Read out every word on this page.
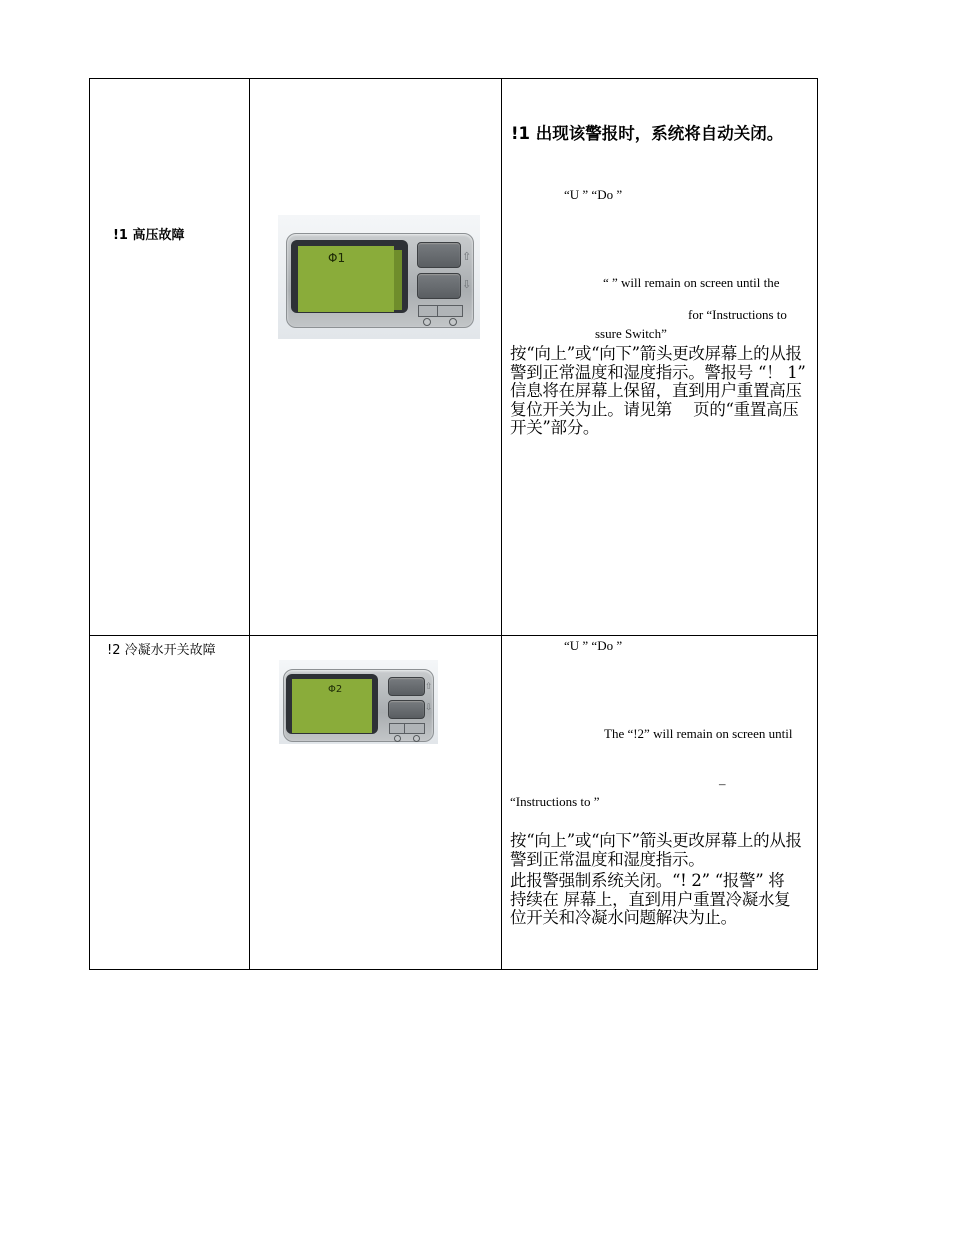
!1 高压故障
Φ1	⇧
⇩
!1 出现该警报时，系统将自动关闭。
“U ” “Do ”
“ ” will remain on screen until the
for “Instructions to
ssure Switch”
按“向上”或“向下”箭头更改屏幕上的从报警到正常温度和湿度指示。警报号 “！ 1” 信息将在屏幕上保留，直到用户重置高压复位开关为止。请见第　 页的“重置高压开关”部分。
!2 冷凝水开关故障
Φ2	⇧
⇩
“U ” “Do ”
The “!2” will remain on screen until
–
“Instructions to ”
按“向上”或“向下”箭头更改屏幕上的从报警到正常温度和湿度指示。
此报警强制系统关闭。“! 2” “报警” 将持续在 屏幕上，直到用户重置冷凝水复位开关和冷凝水问题解决为止。
